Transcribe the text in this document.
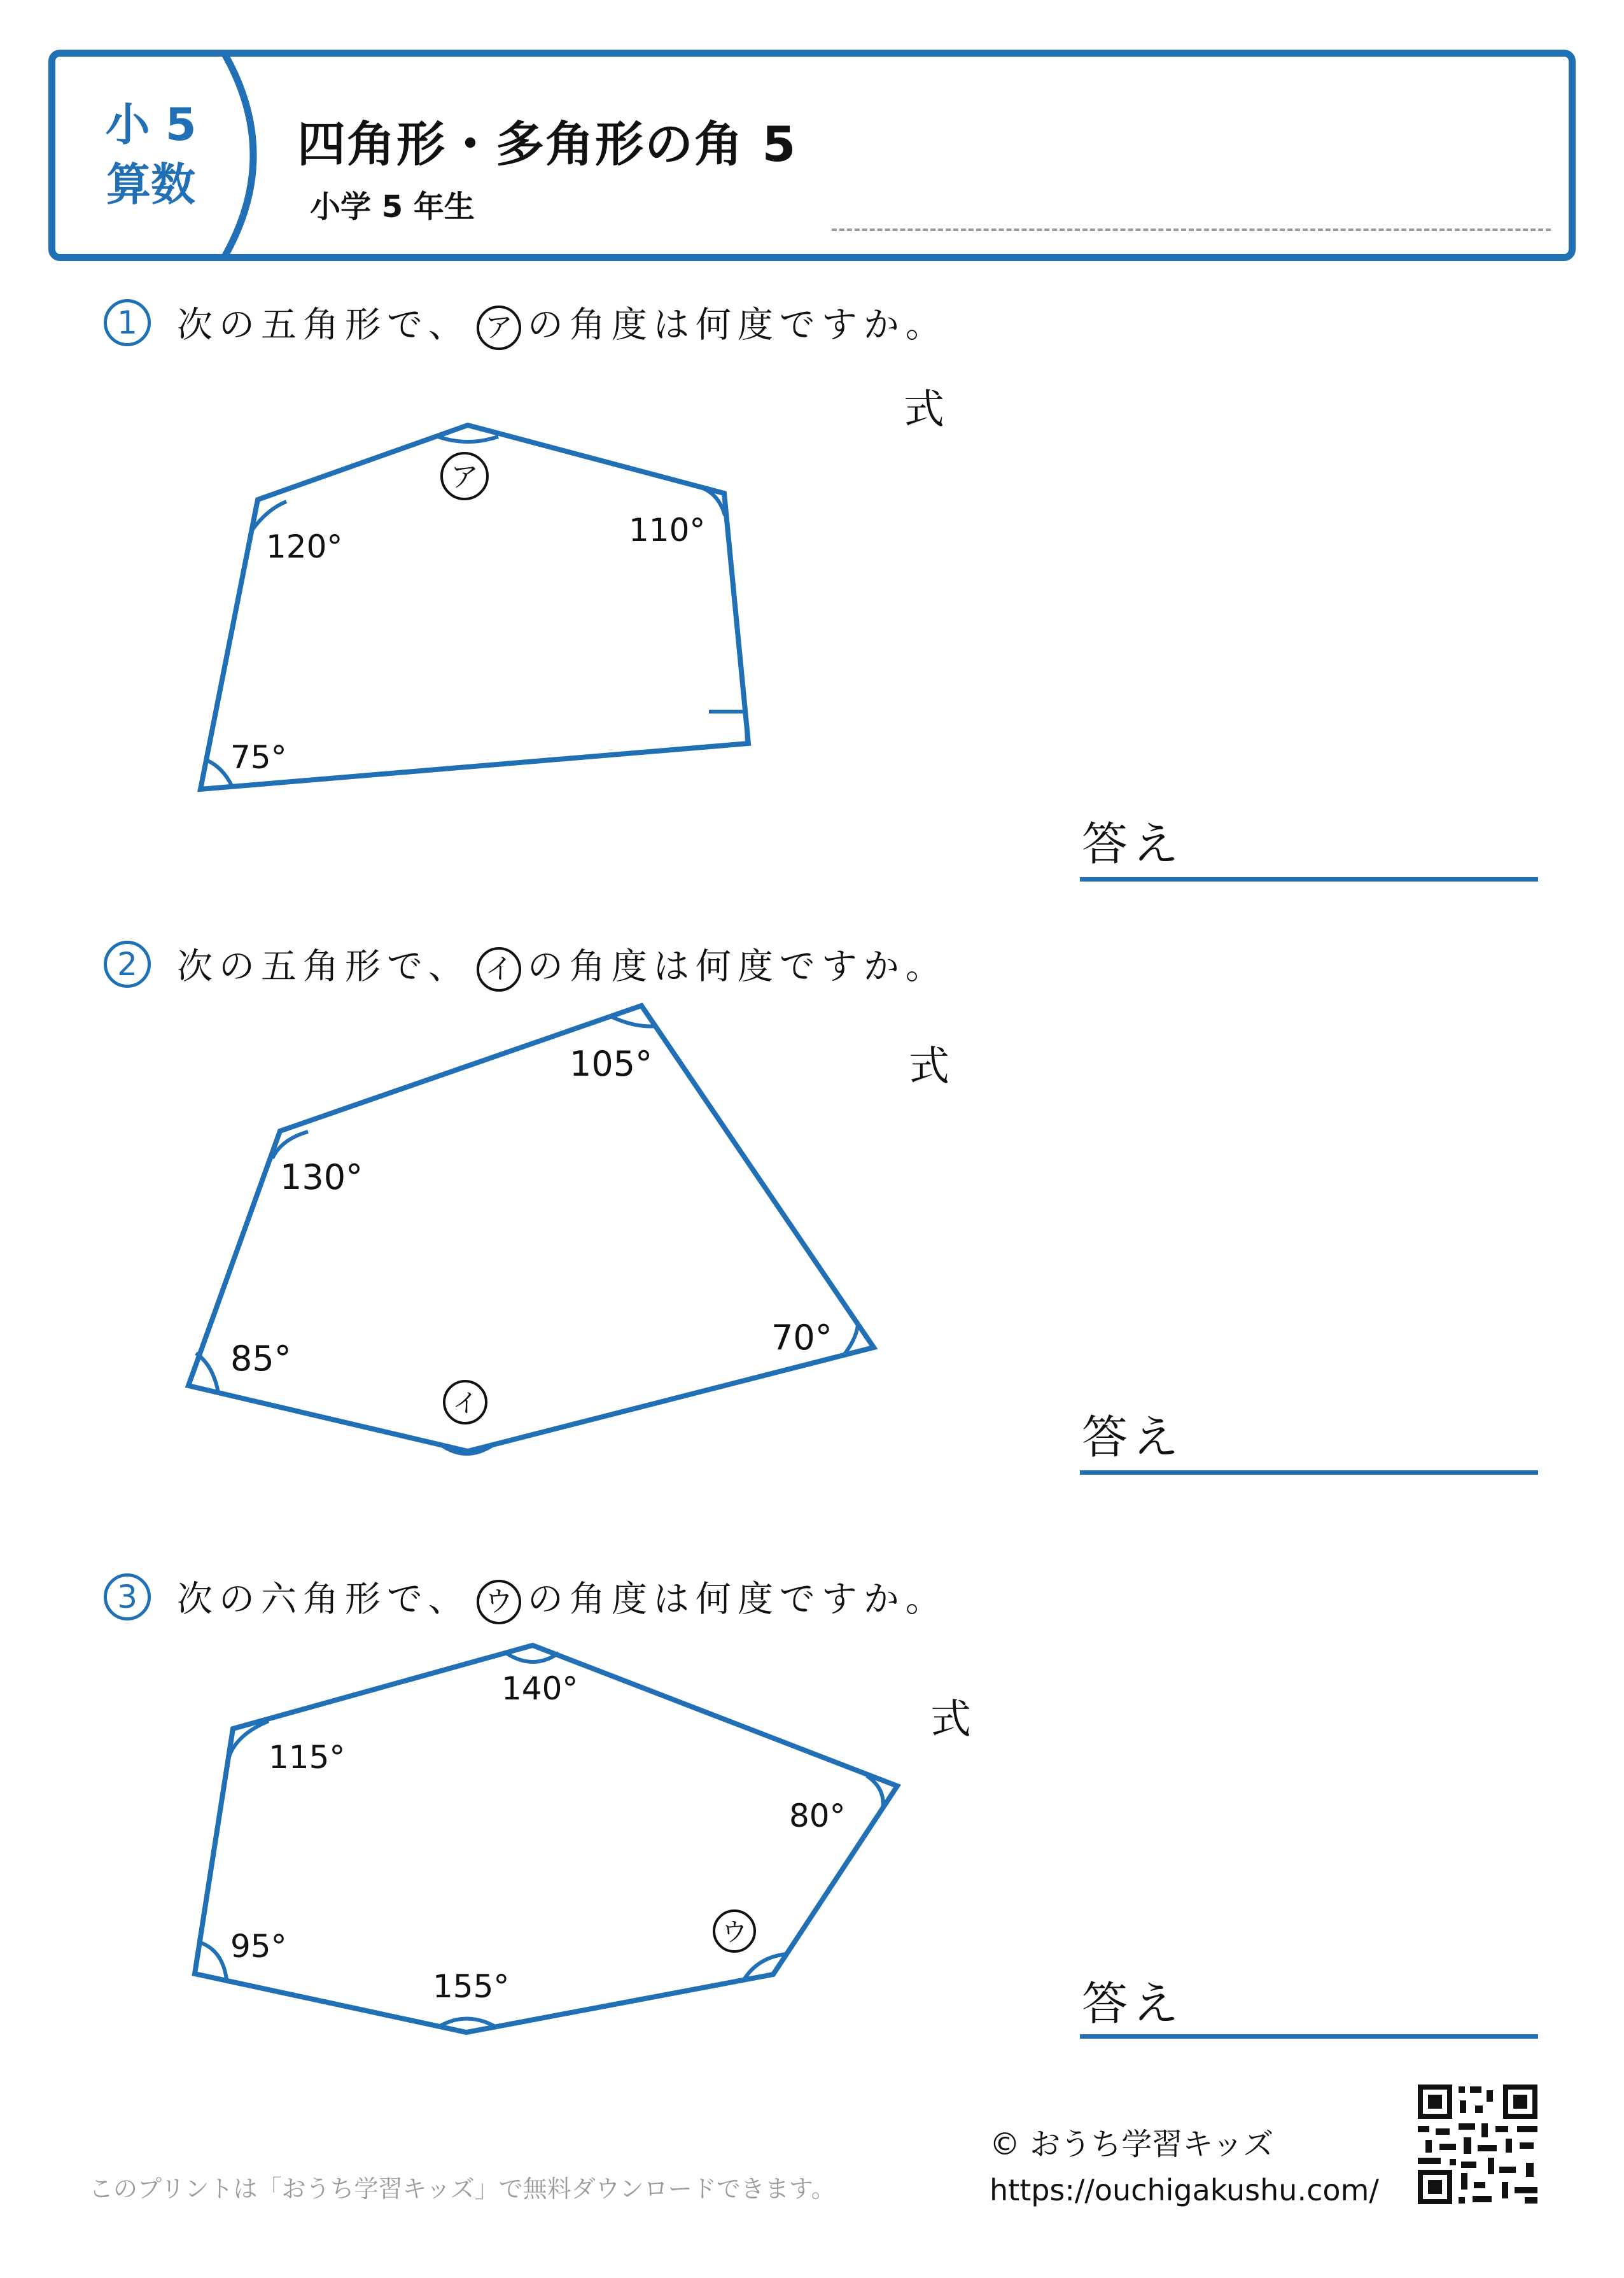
小 5
算数
四角形・多角形の角 5
小学 5 年生
1	次の五角形で、 ア の角度は何度ですか。
式
ア
120°	110°
75°
イ
105°
130°
85°
70°
ウ
140°
115°
80°
95°
155°
答え
2	次の五角形で、 イ の角度は何度ですか。
式
答え
3	次の六角形で、 ウ の角度は何度ですか。
式
答え
© おうち学習キッズ
https://ouchigakushu.com/
このプリントは「おうち学習キッズ」で無料ダウンロードできます。
